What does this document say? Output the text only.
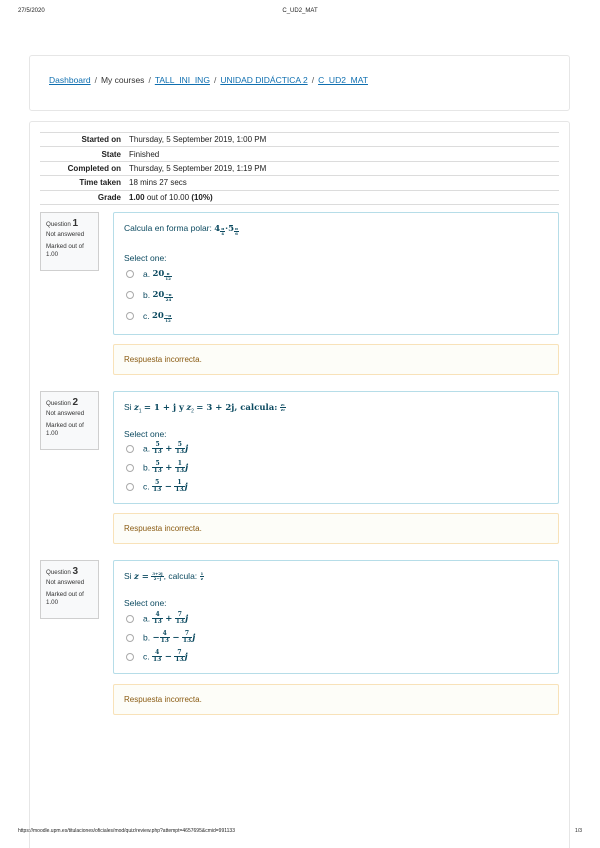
27/5/2020	C_UD2_MAT
Dashboard / My courses / TALL_INI_ING / UNIDAD DIDÁCTICA 2 / C_UD2_MAT
Started on	Thursday, 5 September 2019, 1:00 PM
State	Finished
Completed on	Thursday, 5 September 2019, 1:19 PM
Time taken	18 mins 27 secs
Grade	1.00 out of 10.00 (10%)
Question 1
Not answered
Marked out of 1.00
Calcula en forma polar: $4 \frac{\pi}{4} \cdot 5 \frac{\pi}{6}$
Select one:
a. $20 \frac{\pi}{12}$
b. $20 \frac{-\pi}{24}$
c. $20 \frac{-\pi}{12}$
Respuesta incorrecta.
Question 2
Not answered
Marked out of 1.00
Si $z_1 = 1 + j$ y $z_2 = 3 + 2j$, calcula: $\frac{\text{z₁}}{\text{z₂}}$
Select one:
a. $\frac{5}{13} + \frac{5}{13}$ j
b. $\frac{5}{13} + \frac{1}{13}$ j
c. $\frac{5}{13} - \frac{1}{13}$ j
Respuesta incorrecta.
Question 3
Not answered
Marked out of 1.00
Si $z = \frac{3+2j}{2-j}$ , calcula: $\frac{1}{z}$
Select one:
a. $\frac{4}{13} + \frac{7}{13}$ j
b. − $\frac{4}{13} - \frac{7}{13}$ j
c. $\frac{4}{13} - \frac{7}{13}$ j
Respuesta incorrecta.
https://moodle.upm.es/titulaciones/oficiales/mod/quiz/review.php?attempt=4657695&cmid=991133	1/3
